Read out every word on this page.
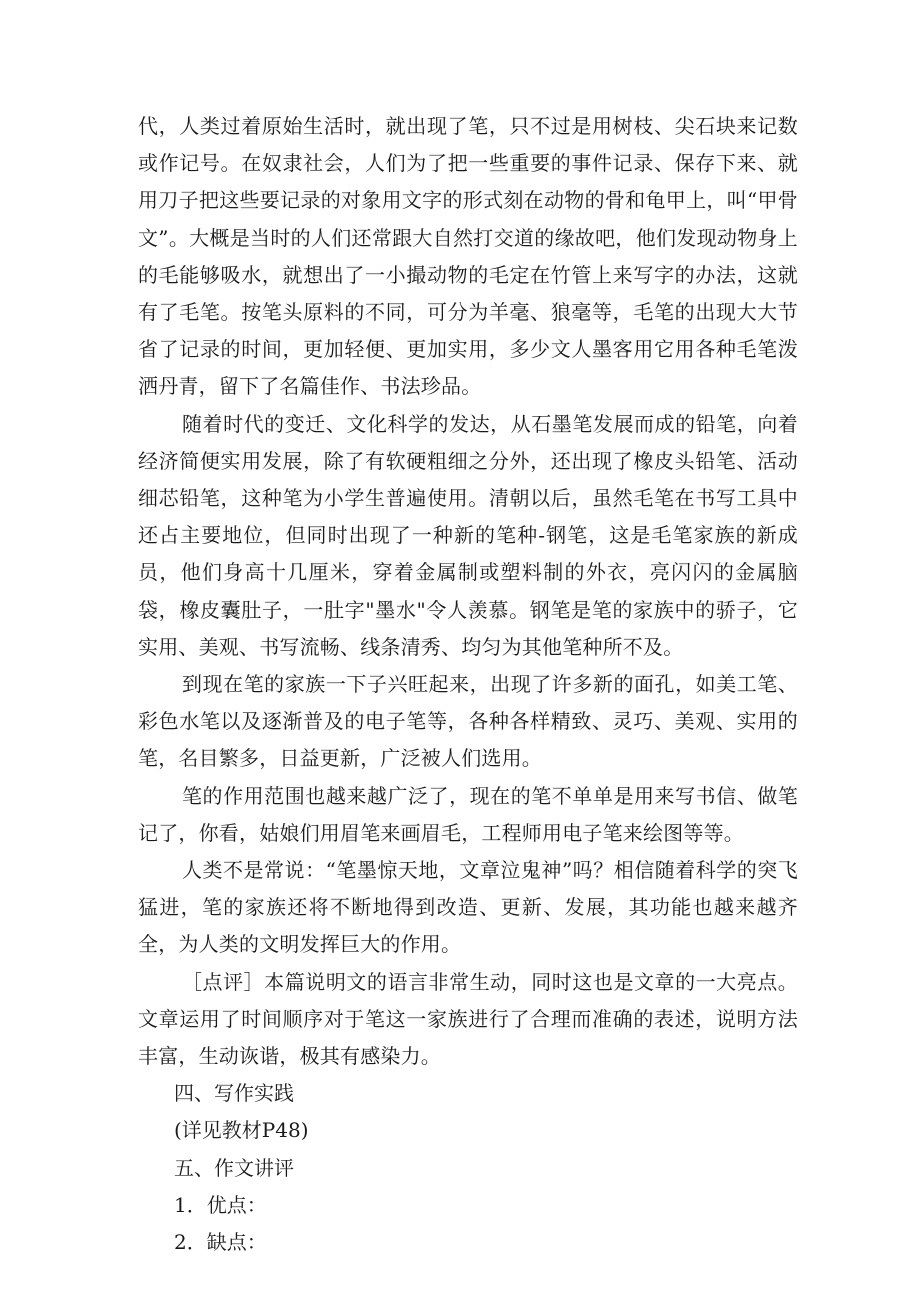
代，人类过着原始生活时，就出现了笔，只不过是用树枝、尖石块来记数或作记号。在奴隶社会，人们为了把一些重要的事件记录、保存下来、就用刀子把这些要记录的对象用文字的形式刻在动物的骨和龟甲上，叫“甲骨文”。大概是当时的人们还常跟大自然打交道的缘故吧，他们发现动物身上的毛能够吸水，就想出了一小撮动物的毛定在竹管上来写字的办法，这就有了毛笔。按笔头原料的不同，可分为羊毫、狼毫等，毛笔的出现大大节省了记录的时间，更加轻便、更加实用，多少文人墨客用它用各种毛笔泼洒丹青，留下了名篇佳作、书法珍品。

随着时代的变迁、文化科学的发达，从石墨笔发展而成的铅笔，向着经济简便实用发展，除了有软硬粗细之分外，还出现了橡皮头铅笔、活动细芯铅笔，这种笔为小学生普遍使用。清朝以后，虽然毛笔在书写工具中还占主要地位，但同时出现了一种新的笔种-钢笔，这是毛笔家族的新成员，他们身高十几厘米，穿着金属制或塑料制的外衣，亮闪闪的金属脑袋，橡皮囊肚子，一肚字"墨水"令人羡慕。钢笔是笔的家族中的骄子，它实用、美观、书写流畅、线条清秀、均匀为其他笔种所不及。

到现在笔的家族一下子兴旺起来，出现了许多新的面孔，如美工笔、彩色水笔以及逐渐普及的电子笔等，各种各样精致、灵巧、美观、实用的笔，名目繁多，日益更新，广泛被人们选用。

笔的作用范围也越来越广泛了，现在的笔不单单是用来写书信、做笔记了，你看，姑娘们用眉笔来画眉毛，工程师用电子笔来绘图等等。

人类不是常说：“笔墨惊天地，文章泣鬼神”吗？相信随着科学的突飞猛进，笔的家族还将不断地得到改造、更新、发展，其功能也越来越齐全，为人类的文明发挥巨大的作用。

［点评］本篇说明文的语言非常生动，同时这也是文章的一大亮点。文章运用了时间顺序对于笔这一家族进行了合理而准确的表述，说明方法丰富，生动诙谐，极其有感染力。

四、写作实践

(详见教材P48)

五、作文讲评

1．优点：

2．缺点：
